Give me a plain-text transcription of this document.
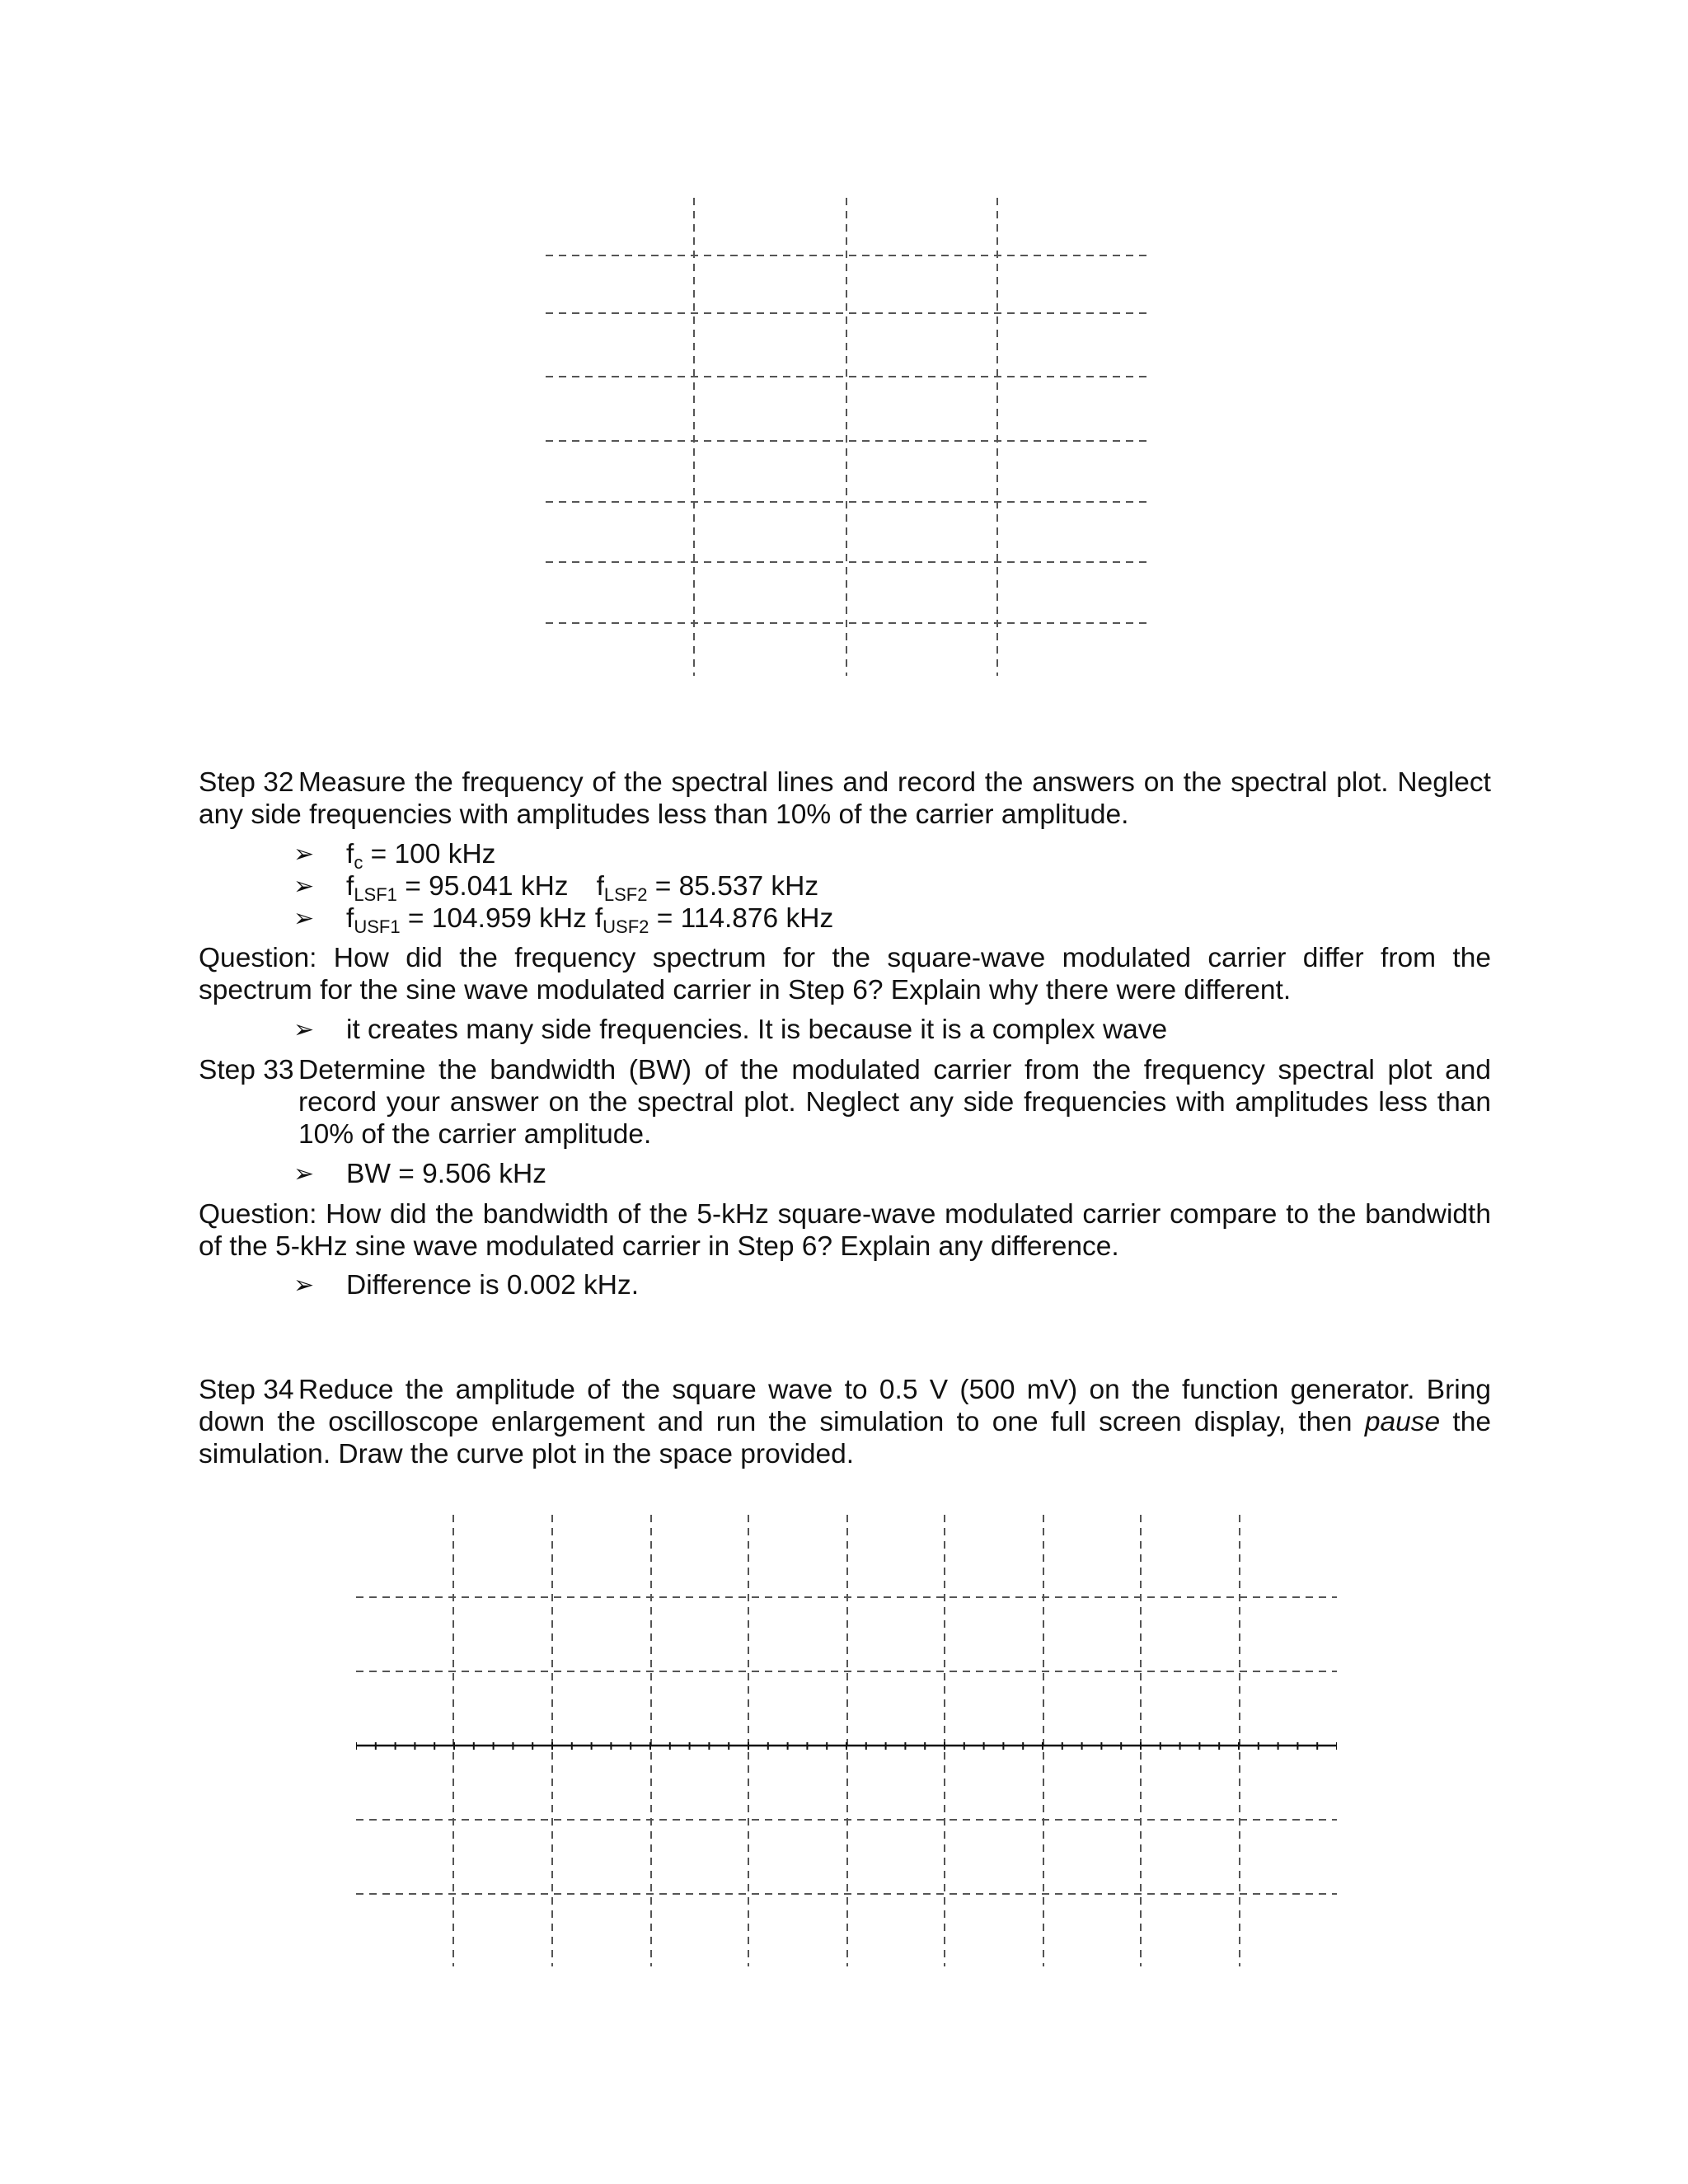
Step 32 Measure the frequency of the spectral lines and record the answers on the spectral plot. Neglect any side frequencies with amplitudes less than 10% of the carrier amplitude.
➢ $f_c = 100$ kHz
➢ $f_{LSF1} = 95.041$ kHz $f_{LSF2} = 85.537$ kHz
➢ $f_{USF1} = 104.959$ kHz $f_{USF2} = 114.876$ kHz
Question: How did the frequency spectrum for the square-wave modulated carrier differ from the spectrum for the sine wave modulated carrier in Step 6? Explain why there were different.
➢ it creates many side frequencies. It is because it is a complex wave
Step 33 Determine the bandwidth (BW) of the modulated carrier from the frequency spectral plot and record your answer on the spectral plot. Neglect any side frequencies with amplitudes less than 10% of the carrier amplitude.
➢ BW = 9.506 kHz
Question: How did the bandwidth of the 5-kHz square-wave modulated carrier compare to the bandwidth of the 5-kHz sine wave modulated carrier in Step 6? Explain any difference.
➢ Difference is 0.002 kHz.
Step 34 Reduce the amplitude of the square wave to 0.5 V (500 mV) on the function generator. Bring down the oscilloscope enlargement and run the simulation to one full screen display, then pause the simulation. Draw the curve plot in the space provided.
